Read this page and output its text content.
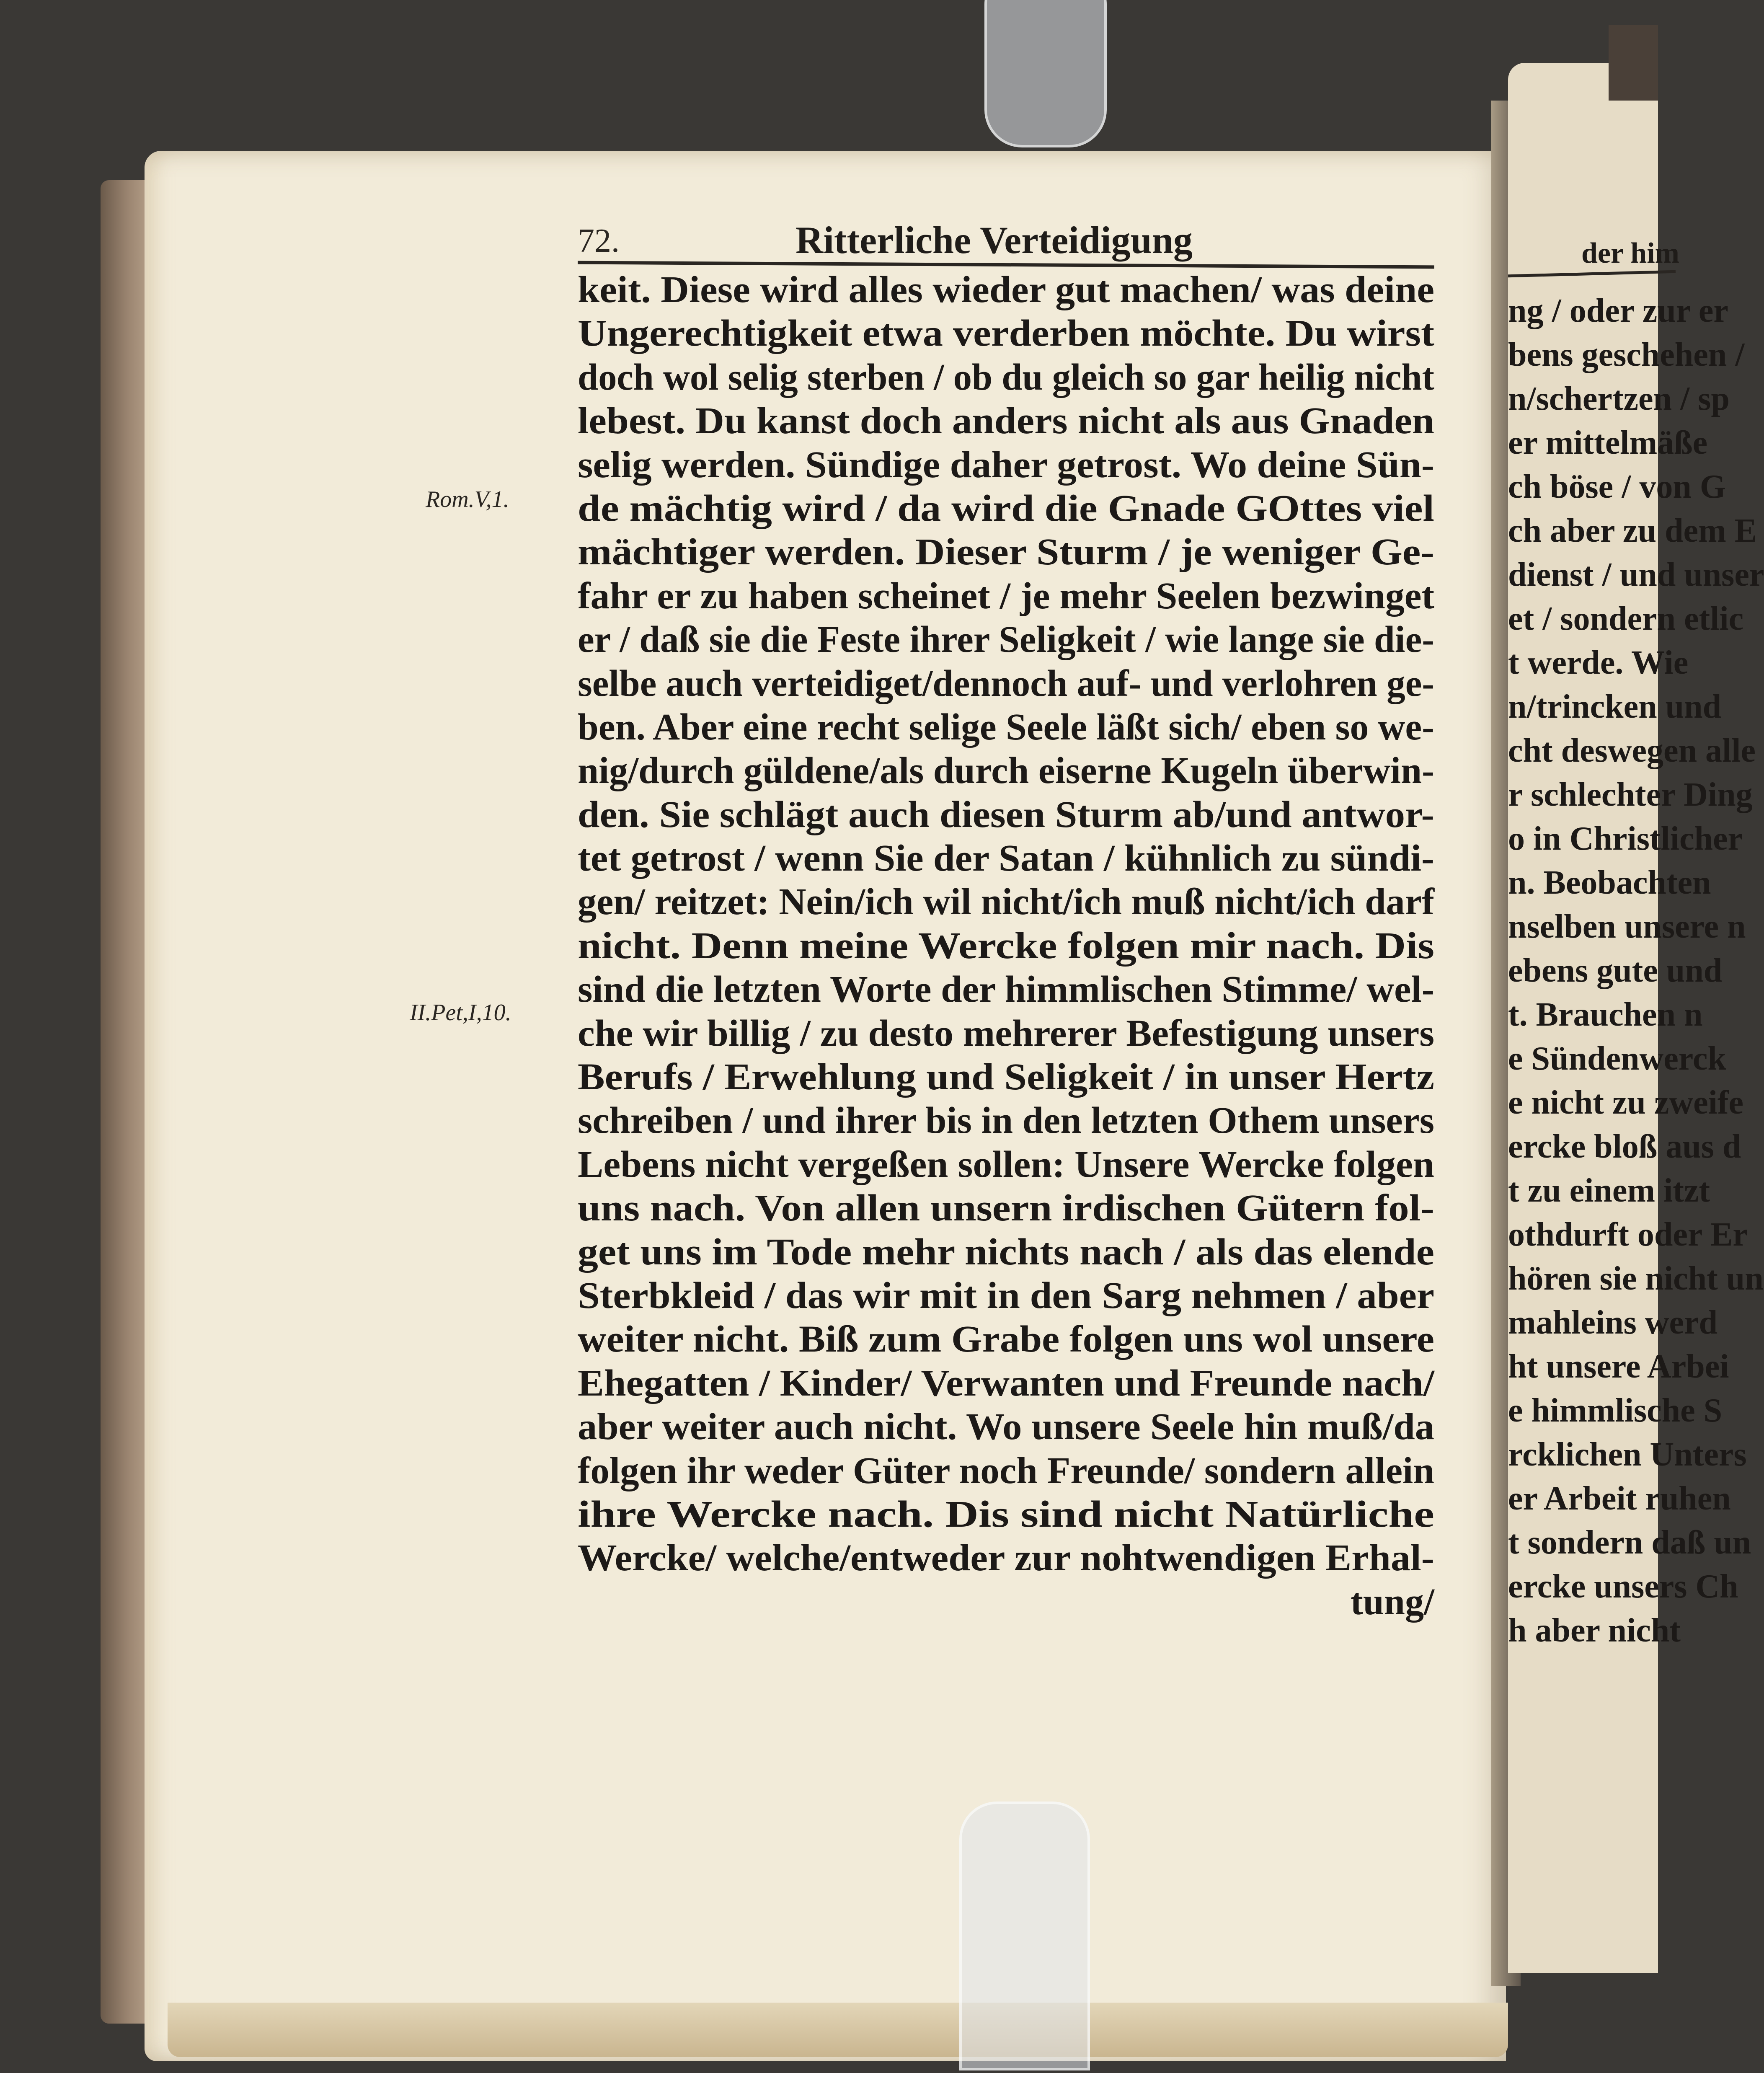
der him
ng / oder zur er
bens geschehen /
n/schertzen / sp
er mittelmäße
ch böse / von G
ch aber zu dem E
dienst / und unser
et / sondern etlic
t werde. Wie
n/trincken und
cht deswegen alle
r schlechter Ding
o in Christlicher
n. Beobachten
nselben unsere n
ebens gute und
t. Brauchen n
e Sündenwerck
e nicht zu zweife
ercke bloß aus d
t zu einem itzt
othdurft oder Er
hören sie nicht un
mahleins werd
ht unsere Arbei
e himmlische S
rcklichen Unters
er Arbeit ruhen
t sondern daß un
ercke unsers Ch
h aber nicht
72.	Ritterliche Verteidigung
Rom.V,1.
II.Pet,I,10.
keit. Diese wird alles wieder gut machen/ was deine
Ungerechtigkeit etwa verderben möchte. Du wirst
doch wol selig sterben / ob du gleich so gar heilig nicht
lebest. Du kanst doch anders nicht als aus Gnaden
selig werden. Sündige daher getrost. Wo deine Sün-
de mächtig wird / da wird die Gnade GOttes viel
mächtiger werden. Dieser Sturm / je weniger Ge-
fahr er zu haben scheinet / je mehr Seelen bezwinget
er / daß sie die Feste ihrer Seligkeit / wie lange sie die-
selbe auch verteidiget/dennoch auf- und verlohren ge-
ben. Aber eine recht selige Seele läßt sich/ eben so we-
nig/durch güldene/als durch eiserne Kugeln überwin-
den. Sie schlägt auch diesen Sturm ab/und antwor-
tet getrost / wenn Sie der Satan / kühnlich zu sündi-
gen/ reitzet: Nein/ich wil nicht/ich muß nicht/ich darf
nicht. Denn meine Wercke folgen mir nach. Dis
sind die letzten Worte der himmlischen Stimme/ wel-
che wir billig / zu desto mehrerer Befestigung unsers
Berufs / Erwehlung und Seligkeit / in unser Hertz
schreiben / und ihrer bis in den letzten Othem unsers
Lebens nicht vergeßen sollen: Unsere Wercke folgen
uns nach. Von allen unsern irdischen Gütern fol-
get uns im Tode mehr nichts nach / als das elende
Sterbkleid / das wir mit in den Sarg nehmen / aber
weiter nicht. Biß zum Grabe folgen uns wol unsere
Ehegatten / Kinder/ Verwanten und Freunde nach/
aber weiter auch nicht. Wo unsere Seele hin muß/da
folgen ihr weder Güter noch Freunde/ sondern allein
ihre Wercke nach. Dis sind nicht Natürliche
Wercke/ welche/entweder zur nohtwendigen Erhal-
tung/
